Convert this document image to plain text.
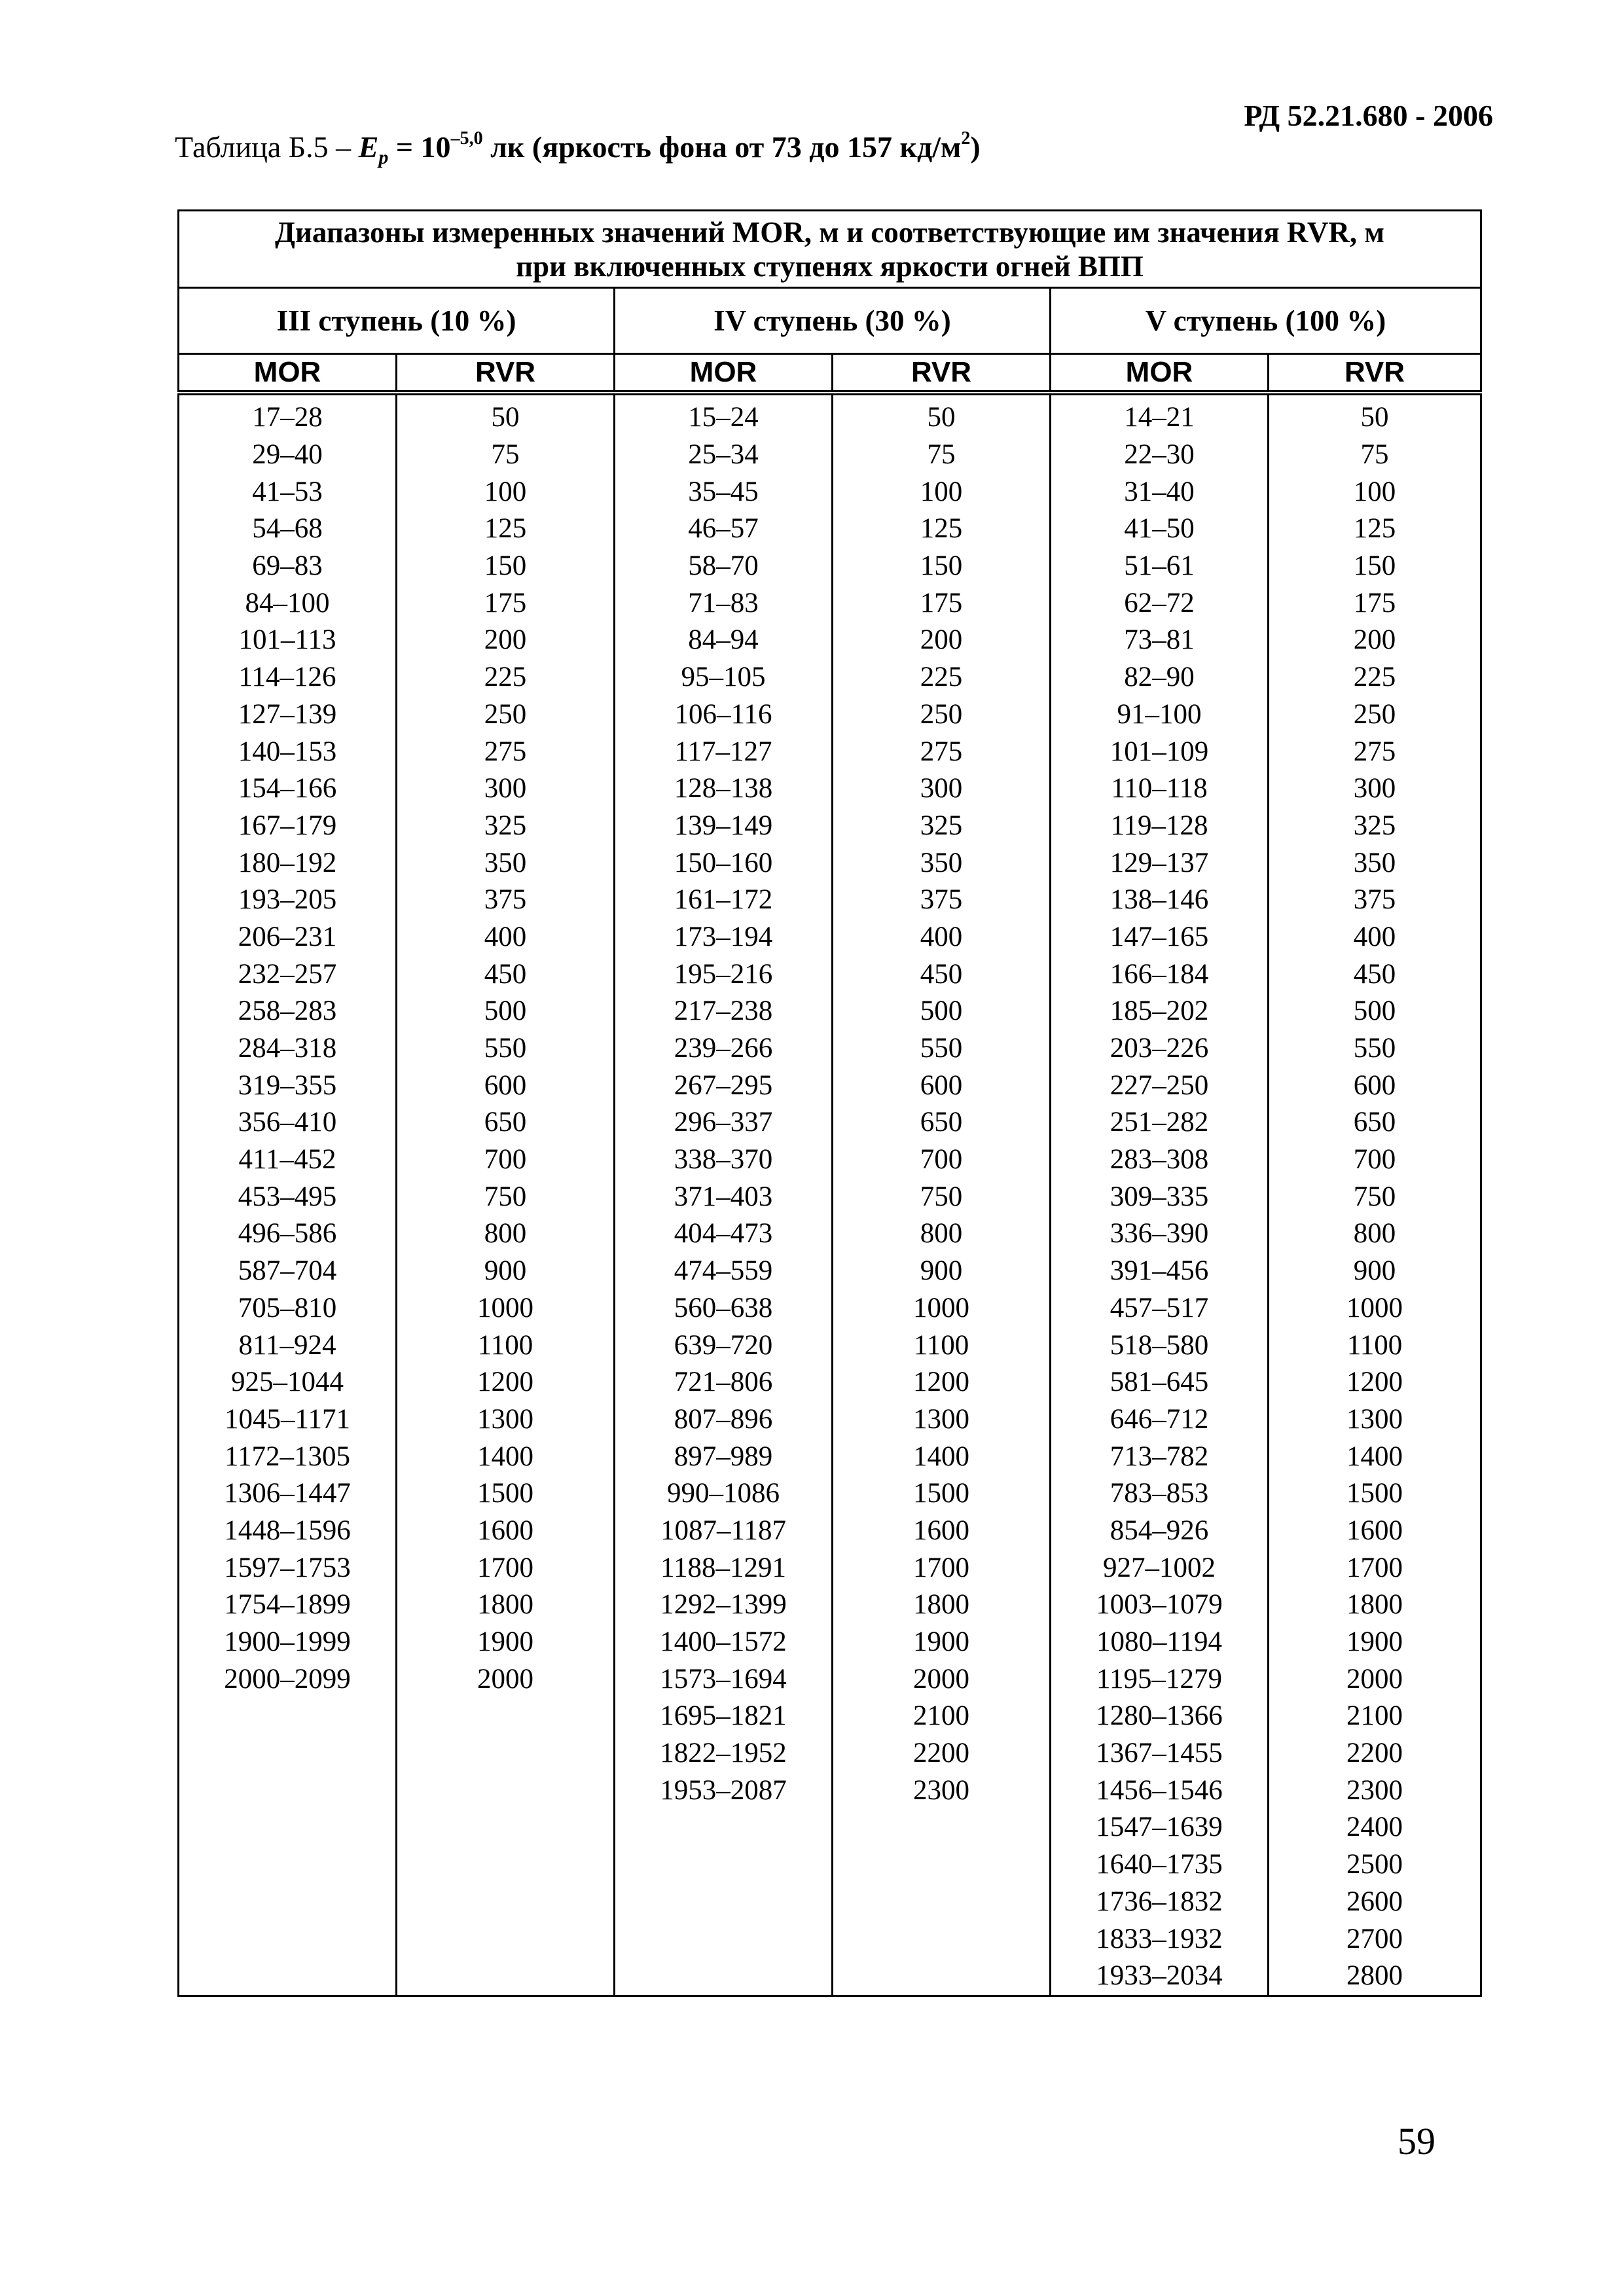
РД 52.21.680 - 2006
Таблица $Б.5 - E_p = 10^{-5,0}$ лк (яркость фона от 73 до 157 $кд/м^2$)
Диапазоны измеренных значений MOR, м и соответствующие им значения RVR, м
при включенных ступенях яркости огней ВПП					

III ступень (10 %)		IV ступень (30 %)		V ступень (100 %)	
MOR	RVR	MOR	RVR	MOR	RVR
17–28	50	15–24	50	14–21	50
29–40	75	25–34	75	22–30	75
41–53	100	35–45	100	31–40	100
54–68	125	46–57	125	41–50	125
69–83	150	58–70	150	51–61	150
84–100	175	71–83	175	62–72	175
101–113	200	84–94	200	73–81	200
114–126	225	95–105	225	82–90	225
127–139	250	106–116	250	91–100	250
140–153	275	117–127	275	101–109	275
154–166	300	128–138	300	110–118	300
167–179	325	139–149	325	119–128	325
180–192	350	150–160	350	129–137	350
193–205	375	161–172	375	138–146	375
206–231	400	173–194	400	147–165	400
232–257	450	195–216	450	166–184	450
258–283	500	217–238	500	185–202	500
284–318	550	239–266	550	203–226	550
319–355	600	267–295	600	227–250	600
356–410	650	296–337	650	251–282	650
411–452	700	338–370	700	283–308	700
453–495	750	371–403	750	309–335	750
496–586	800	404–473	800	336–390	800
587–704	900	474–559	900	391–456	900
705–810	1000	560–638	1000	457–517	1000
811–924	1100	639–720	1100	518–580	1100
925–1044	1200	721–806	1200	581–645	1200
1045–1171	1300	807–896	1300	646–712	1300
1172–1305	1400	897–989	1400	713–782	1400
1306–1447	1500	990–1086	1500	783–853	1500
1448–1596	1600	1087–1187	1600	854–926	1600
1597–1753	1700	1188–1291	1700	927–1002	1700
1754–1899	1800	1292–1399	1800	1003–1079	1800
1900–1999	1900	1400–1572	1900	1080–1194	1900
2000–2099	2000	1573–1694	2000	1195–1279	2000
		1695–1821	2100	1280–1366	2100
		1822–1952	2200	1367–1455	2200
		1953–2087	2300	1456–1546	2300
				1547–1639	2400
				1640–1735	2500
				1736–1832	2600
				1833–1932	2700
				1933–2034	2800
59
